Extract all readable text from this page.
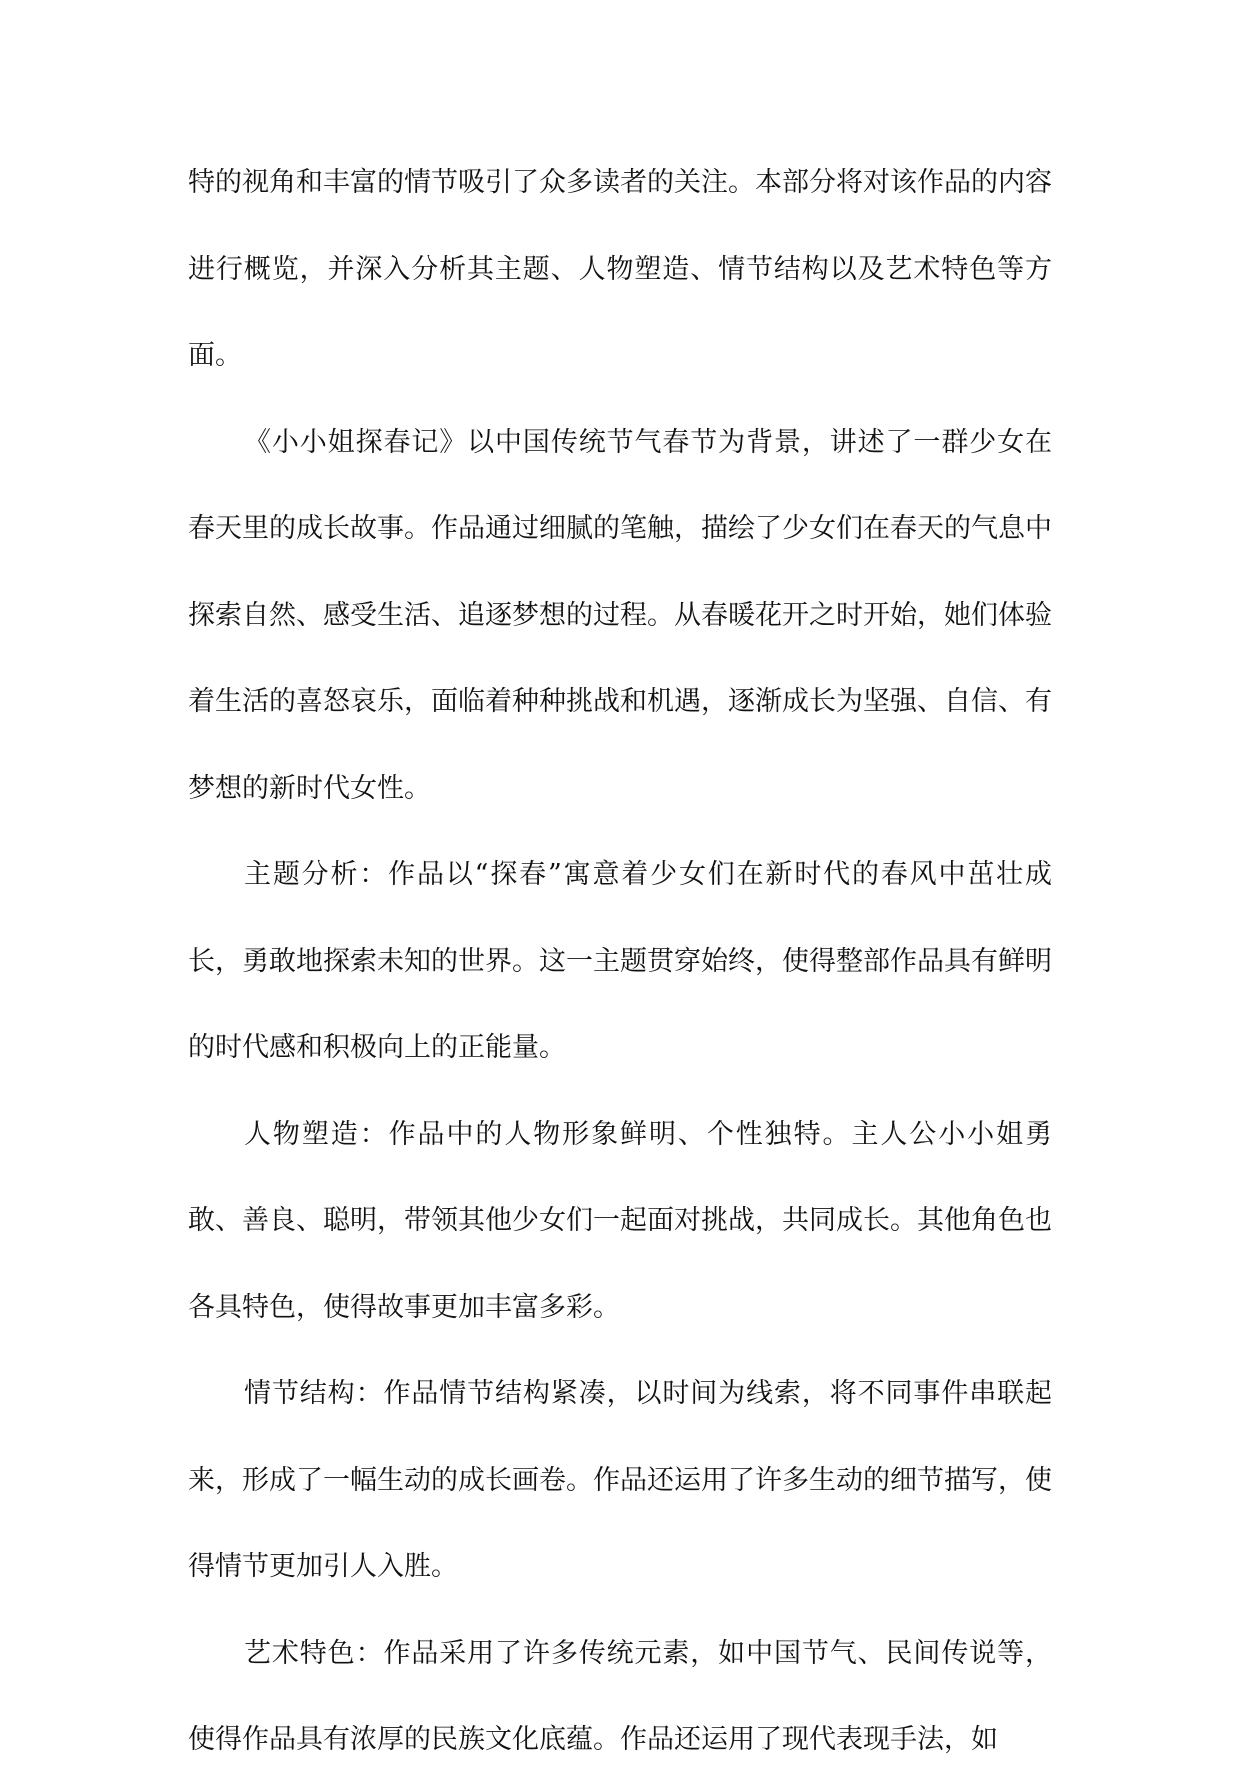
特的视角和丰富的情节吸引了众多读者的关注。本部分将对该作品的内容进行概览，并深入分析其主题、人物塑造、情节结构以及艺术特色等方面。

《小小姐探春记》以中国传统节气春节为背景，讲述了一群少女在春天里的成长故事。作品通过细腻的笔触，描绘了少女们在春天的气息中探索自然、感受生活、追逐梦想的过程。从春暖花开之时开始，她们体验着生活的喜怒哀乐，面临着种种挑战和机遇，逐渐成长为坚强、自信、有梦想的新时代女性。

主题分析：作品以“探春”寓意着少女们在新时代的春风中茁壮成长，勇敢地探索未知的世界。这一主题贯穿始终，使得整部作品具有鲜明的时代感和积极向上的正能量。

人物塑造：作品中的人物形象鲜明、个性独特。主人公小小姐勇敢、善良、聪明，带领其他少女们一起面对挑战，共同成长。其他角色也各具特色，使得故事更加丰富多彩。

情节结构：作品情节结构紧凑，以时间为线索，将不同事件串联起来，形成了一幅生动的成长画卷。作品还运用了许多生动的细节描写，使得情节更加引人入胜。

艺术特色：作品采用了许多传统元素，如中国节气、民间传说等，使得作品具有浓厚的民族文化底蕴。作品还运用了现代表现手法，如
